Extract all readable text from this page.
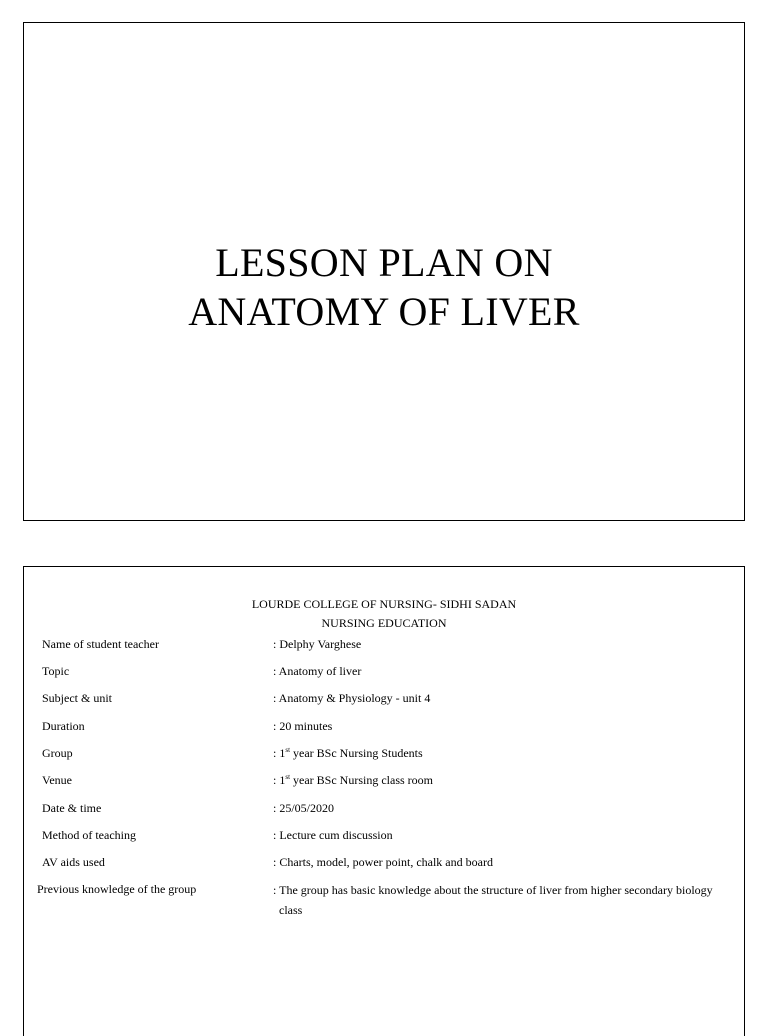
LESSON PLAN ON
ANATOMY OF LIVER
LOURDE COLLEGE OF NURSING- SIDHI SADAN
NURSING EDUCATION
Name of student teacher	: Delphy Varghese
Topic	: Anatomy of liver
Subject & unit	: Anatomy & Physiology - unit 4
Duration	: 20 minutes
Group	: 1st year BSc Nursing Students
Venue	: 1st year BSc Nursing class room
Date & time	: 25/05/2020
Method of teaching	: Lecture cum discussion
AV aids used	: Charts, model, power point, chalk and board
Previous knowledge of the group	: The group has basic knowledge about the structure of liver from higher secondary biology
class
